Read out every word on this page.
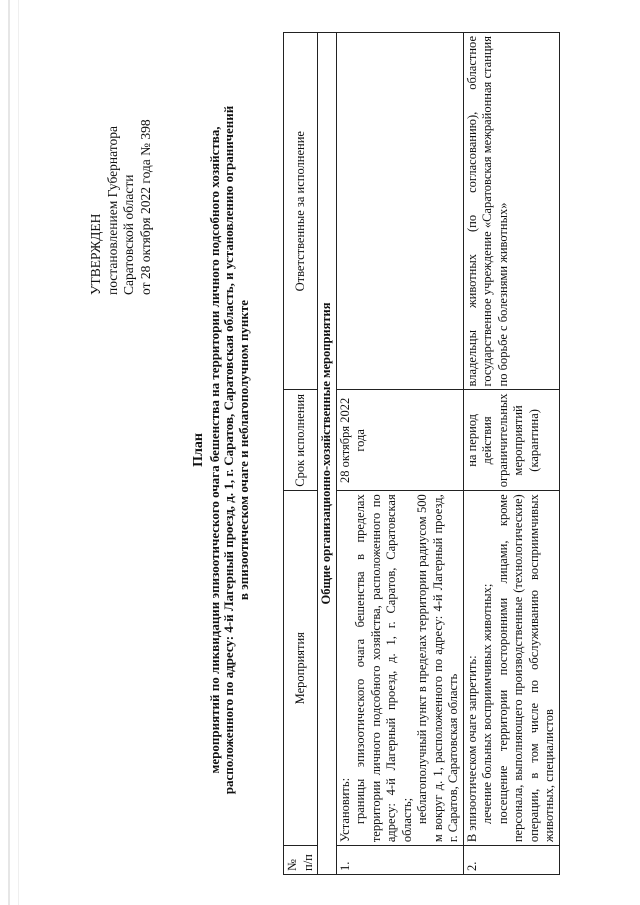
УТВЕРЖДЕН постановлением Губернатора Саратовской области от 28 октября 2022 года № 398
План мероприятий по ликвидации эпизоотического очага бешенства на территории личного подсобного хозяйства, расположенного по адресу: 4-й Лагерный проезд, д. 1, г. Саратов, Саратовская область, и установлению ограничений в эпизоотическом очаге и неблагополучном пункте
№ п/п	Мероприятия	Срок исполнения	Ответственные за исполнение
Общие организационно-хозяйственные мероприятия			
1.	Установить: границы эпизоотического очага бешенства в пределах территории личного подсобного хозяйства, расположенного по адресу: 4-й Лагерный проезд, д. 1, г. Саратов, Саратовская область; неблагополучный пункт в пределах территории радиусом 500 м вокруг д. 1, расположенного по адресу: 4-й Лагерный проезд, г. Саратов, Саратовская область	28 октября 2022 года	
2.	В эпизоотическом очаге запретить: лечение больных восприимчивых животных; посещение территории посторонними лицами, кроме персонала, выполняющего производственные (технологические) операции, в том числе по обслуживанию восприимчивых животных, специалистов	на период действия ограничительных мероприятий (карантина)	владельцы животных (по согласованию), областное государственное учреждение «Саратовская межрайонная станция по борьбе с болезнями животных»
